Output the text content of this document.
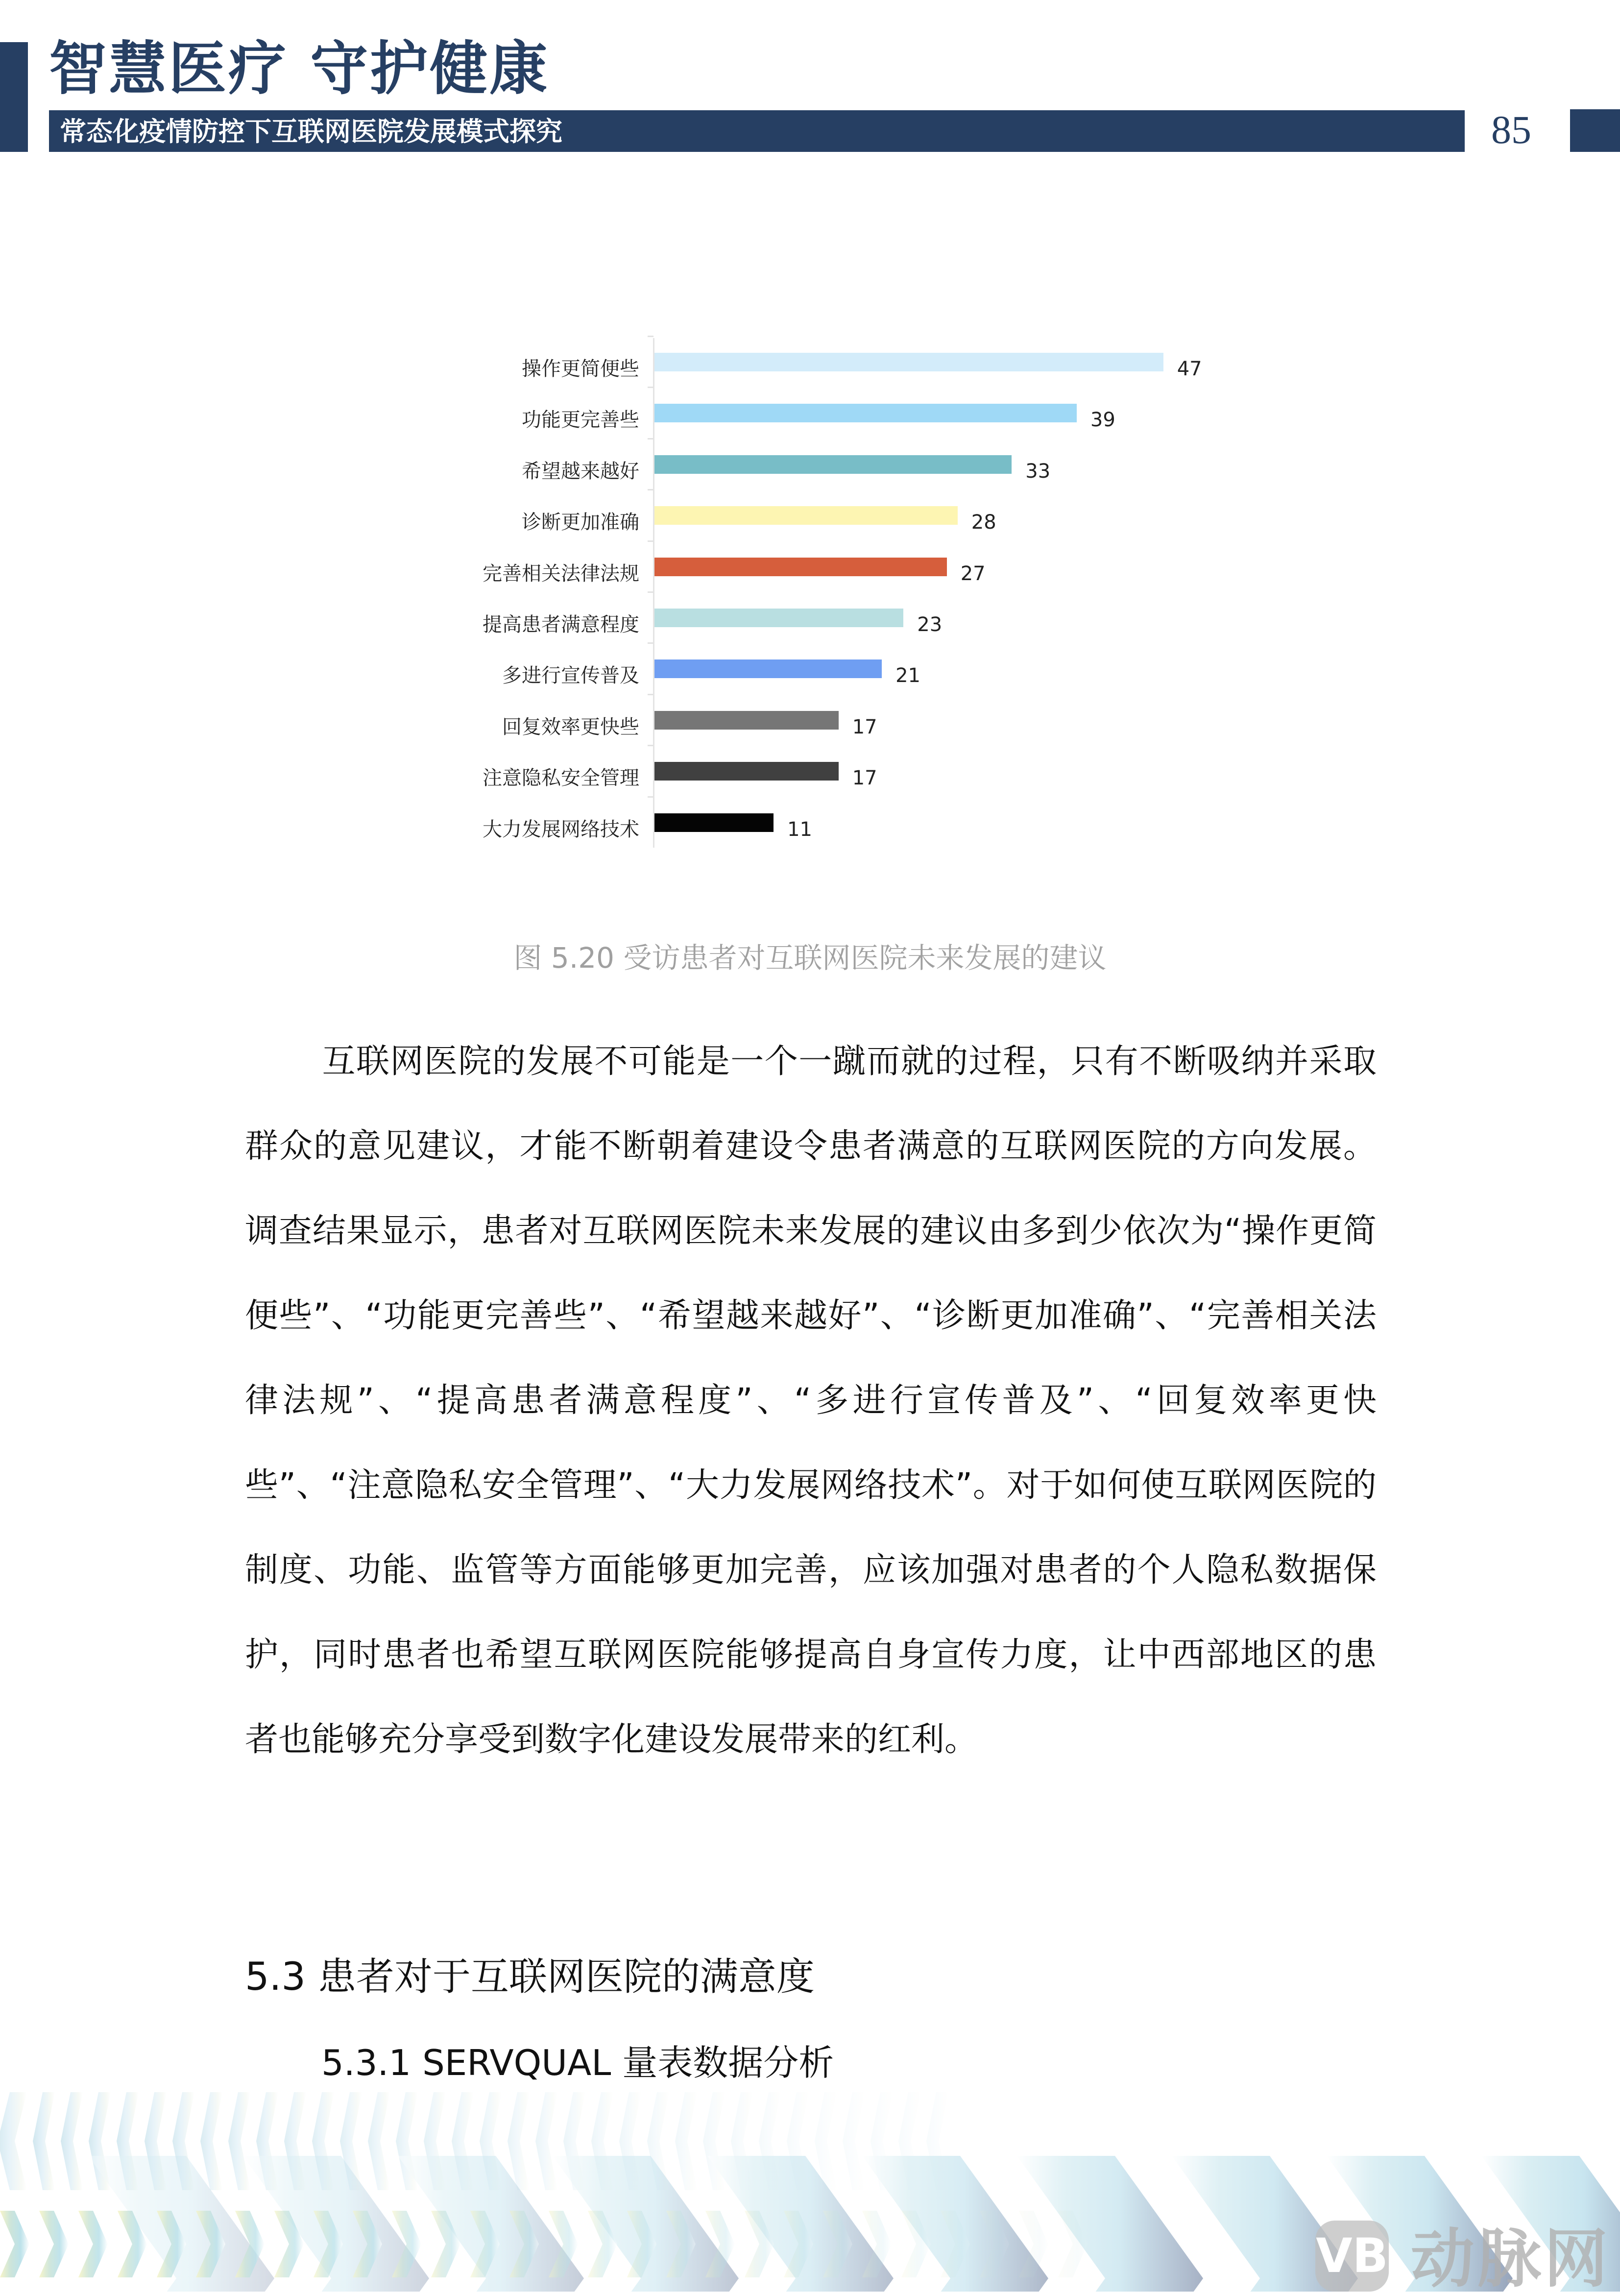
智慧医疗 守护健康
常态化疫情防控下互联网医院发展模式探究	85
操作更简便些	47
功能更完善些	39
希望越来越好	33
诊断更加准确	28
完善相关法律法规	27
提高患者满意程度	23
多进行宣传普及	21
回复效率更快些	17
注意隐私安全管理	17
大力发展网络技术	11
图 5.20 受访患者对互联网医院未来发展的建议
互联网医院的发展不可能是一个一蹴而就的过程，只有不断吸纳并采取群众的意见建议，才能不断朝着建设令患者满意的互联网医院的方向发展。调查结果显示，患者对互联网医院未来发展的建议由多到少依次为“操作更简便些”、“功能更完善些”、“希望越来越好”、“诊断更加准确”、“完善相关法律法规”、“提高患者满意程度”、“多进行宣传普及”、“回复效率更快些”、“注意隐私安全管理”、“大力发展网络技术”。对于如何使互联网医院的制度、功能、监管等方面能够更加完善，应该加强对患者的个人隐私数据保护，同时患者也希望互联网医院能够提高自身宣传力度，让中西部地区的患者也能够充分享受到数字化建设发展带来的红利。
5.3 患者对于互联网医院的满意度
5.3.1 SERVQUAL 量表数据分析
VB 动脉网
